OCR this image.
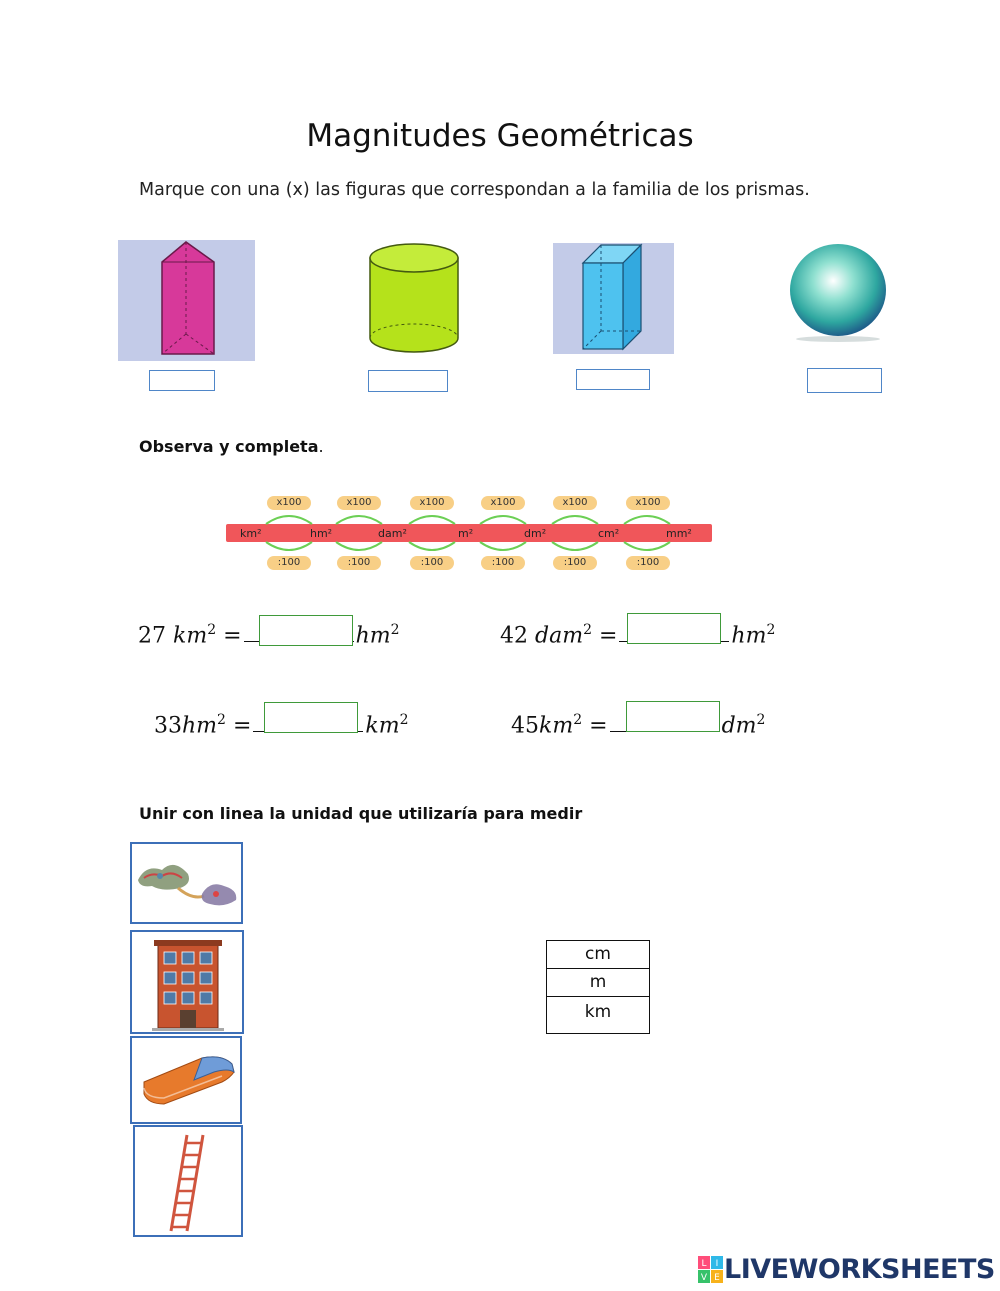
Magnitudes Geométricas
Marque con una (x) las figuras que correspondan a la familia de los prismas.
Observa y completa.
x100	x100	x100	x100	x100	x100
km²	hm²	dam²	m²	dm²	cm²	mm²
:100	:100	:100	:100	:100	:100
27 $km^2$ =	$hm^2$	42 dam$^2$ =	$hm^2$
$33hm^2$ =	$km^2$	$45km^2$ =	$dm^2$
Unir con linea la unidad que utilizaría para medir
cm
m
km
L I
V E LIVEWORKSHEETS
